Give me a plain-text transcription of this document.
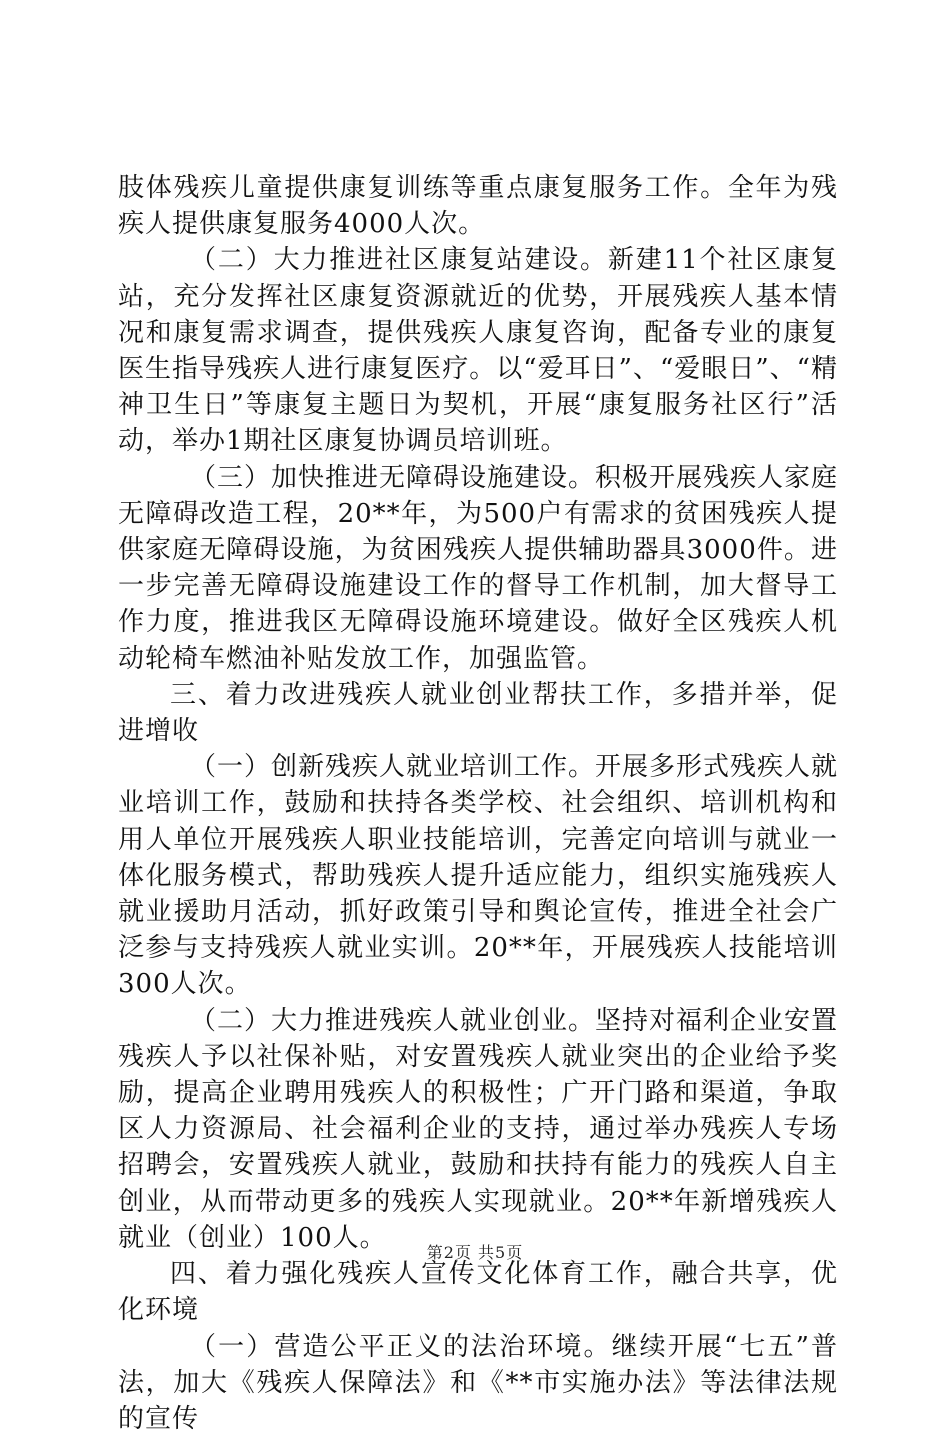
肢体残疾儿童提供康复训练等重点康复服务工作。全年为残疾人提供康复服务4000人次。

（二）大力推进社区康复站建设。新建11个社区康复站，充分发挥社区康复资源就近的优势，开展残疾人基本情况和康复需求调查，提供残疾人康复咨询，配备专业的康复医生指导残疾人进行康复医疗。以“爱耳日”、“爱眼日”、“精神卫生日”等康复主题日为契机，开展“康复服务社区行”活动，举办1期社区康复协调员培训班。

（三）加快推进无障碍设施建设。积极开展残疾人家庭无障碍改造工程，20**年，为500户有需求的贫困残疾人提供家庭无障碍设施，为贫困残疾人提供辅助器具3000件。进一步完善无障碍设施建设工作的督导工作机制，加大督导工作力度，推进我区无障碍设施环境建设。做好全区残疾人机动轮椅车燃油补贴发放工作，加强监管。

三、着力改进残疾人就业创业帮扶工作，多措并举，促进增收

（一）创新残疾人就业培训工作。开展多形式残疾人就业培训工作，鼓励和扶持各类学校、社会组织、培训机构和用人单位开展残疾人职业技能培训，完善定向培训与就业一体化服务模式，帮助残疾人提升适应能力，组织实施残疾人就业援助月活动，抓好政策引导和舆论宣传，推进全社会广泛参与支持残疾人就业实训。20**年，开展残疾人技能培训300人次。

（二）大力推进残疾人就业创业。坚持对福利企业安置残疾人予以社保补贴，对安置残疾人就业突出的企业给予奖励，提高企业聘用残疾人的积极性；广开门路和渠道，争取区人力资源局、社会福利企业的支持，通过举办残疾人专场招聘会，安置残疾人就业，鼓励和扶持有能力的残疾人自主创业，从而带动更多的残疾人实现就业。20**年新增残疾人就业（创业）100人。

四、着力强化残疾人宣传文化体育工作，融合共享，优化环境

（一）营造公平正义的法治环境。继续开展“七五”普法，加大《残疾人保障法》和《**市实施办法》等法律法规的宣传

第2页 共5页
